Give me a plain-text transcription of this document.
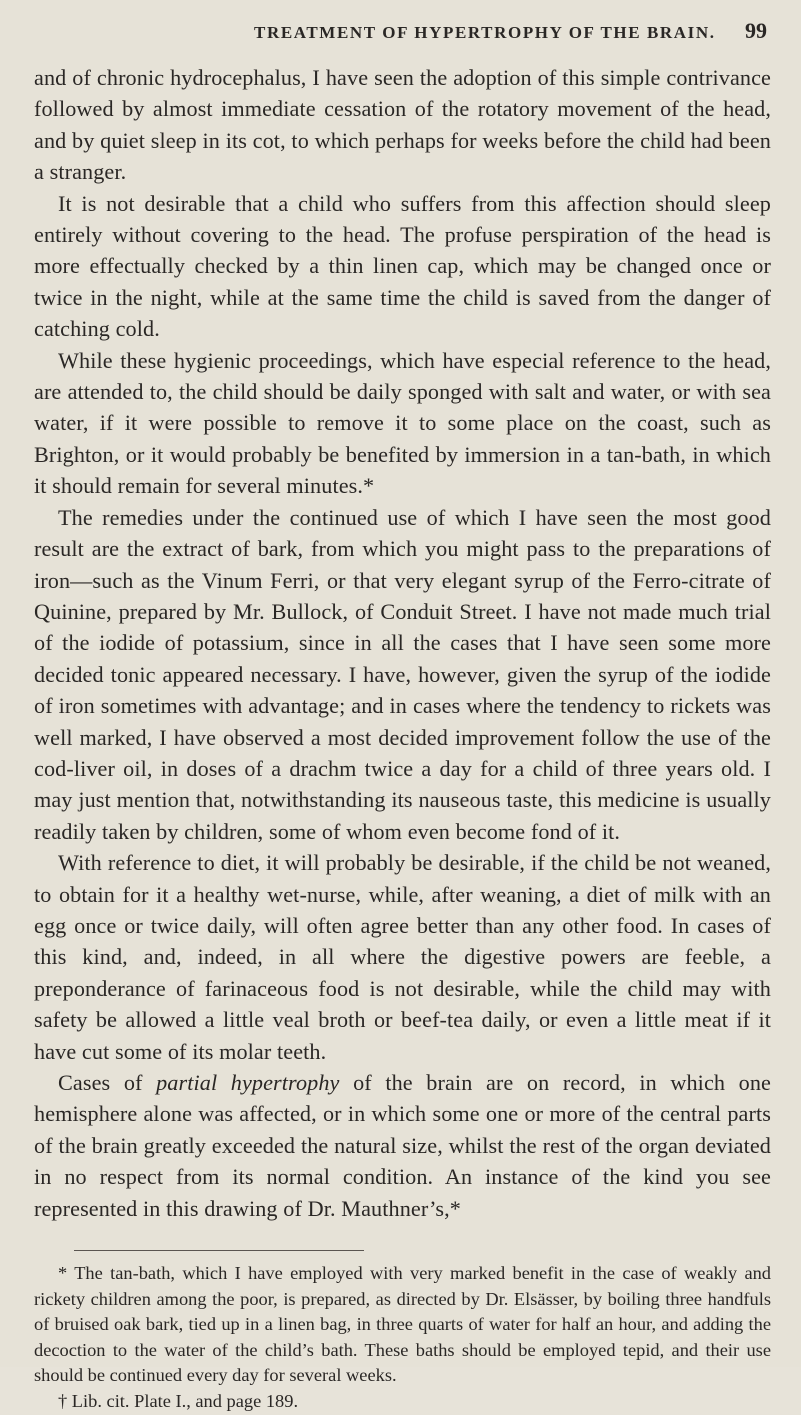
TREATMENT OF HYPERTROPHY OF THE BRAIN. 99

and of chronic hydrocephalus, I have seen the adoption of this simple contrivance followed by almost immediate cessation of the rotatory movement of the head, and by quiet sleep in its cot, to which perhaps for weeks before the child had been a stranger.

It is not desirable that a child who suffers from this affection should sleep entirely without covering to the head. The profuse perspiration of the head is more effectually checked by a thin linen cap, which may be changed once or twice in the night, while at the same time the child is saved from the danger of catching cold.

While these hygienic proceedings, which have especial reference to the head, are attended to, the child should be daily sponged with salt and water, or with sea water, if it were possible to remove it to some place on the coast, such as Brighton, or it would probably be benefited by immersion in a tan-bath, in which it should remain for several minutes.*

The remedies under the continued use of which I have seen the most good result are the extract of bark, from which you might pass to the preparations of iron—such as the Vinum Ferri, or that very elegant syrup of the Ferro-citrate of Quinine, prepared by Mr. Bullock, of Conduit Street. I have not made much trial of the iodide of potassium, since in all the cases that I have seen some more decided tonic appeared necessary. I have, however, given the syrup of the iodide of iron sometimes with advantage; and in cases where the tendency to rickets was well marked, I have observed a most decided improvement follow the use of the cod-liver oil, in doses of a drachm twice a day for a child of three years old. I may just mention that, notwithstanding its nauseous taste, this medicine is usually readily taken by children, some of whom even become fond of it.

With reference to diet, it will probably be desirable, if the child be not weaned, to obtain for it a healthy wet-nurse, while, after weaning, a diet of milk with an egg once or twice daily, will often agree better than any other food. In cases of this kind, and, indeed, in all where the digestive powers are feeble, a preponderance of farinaceous food is not desirable, while the child may with safety be allowed a little veal broth or beef-tea daily, or even a little meat if it have cut some of its molar teeth.

Cases of partial hypertrophy of the brain are on record, in which one hemisphere alone was affected, or in which some one or more of the central parts of the brain greatly exceeded the natural size, whilst the rest of the organ deviated in no respect from its normal condition. An instance of the kind you see represented in this drawing of Dr. Mauthner’s,*

* The tan-bath, which I have employed with very marked benefit in the case of weakly and rickety children among the poor, is prepared, as directed by Dr. Elsässer, by boiling three handfuls of bruised oak bark, tied up in a linen bag, in three quarts of water for half an hour, and adding the decoction to the water of the child’s bath. These baths should be employed tepid, and their use should be continued every day for several weeks.

† Lib. cit. Plate I., and page 189.
